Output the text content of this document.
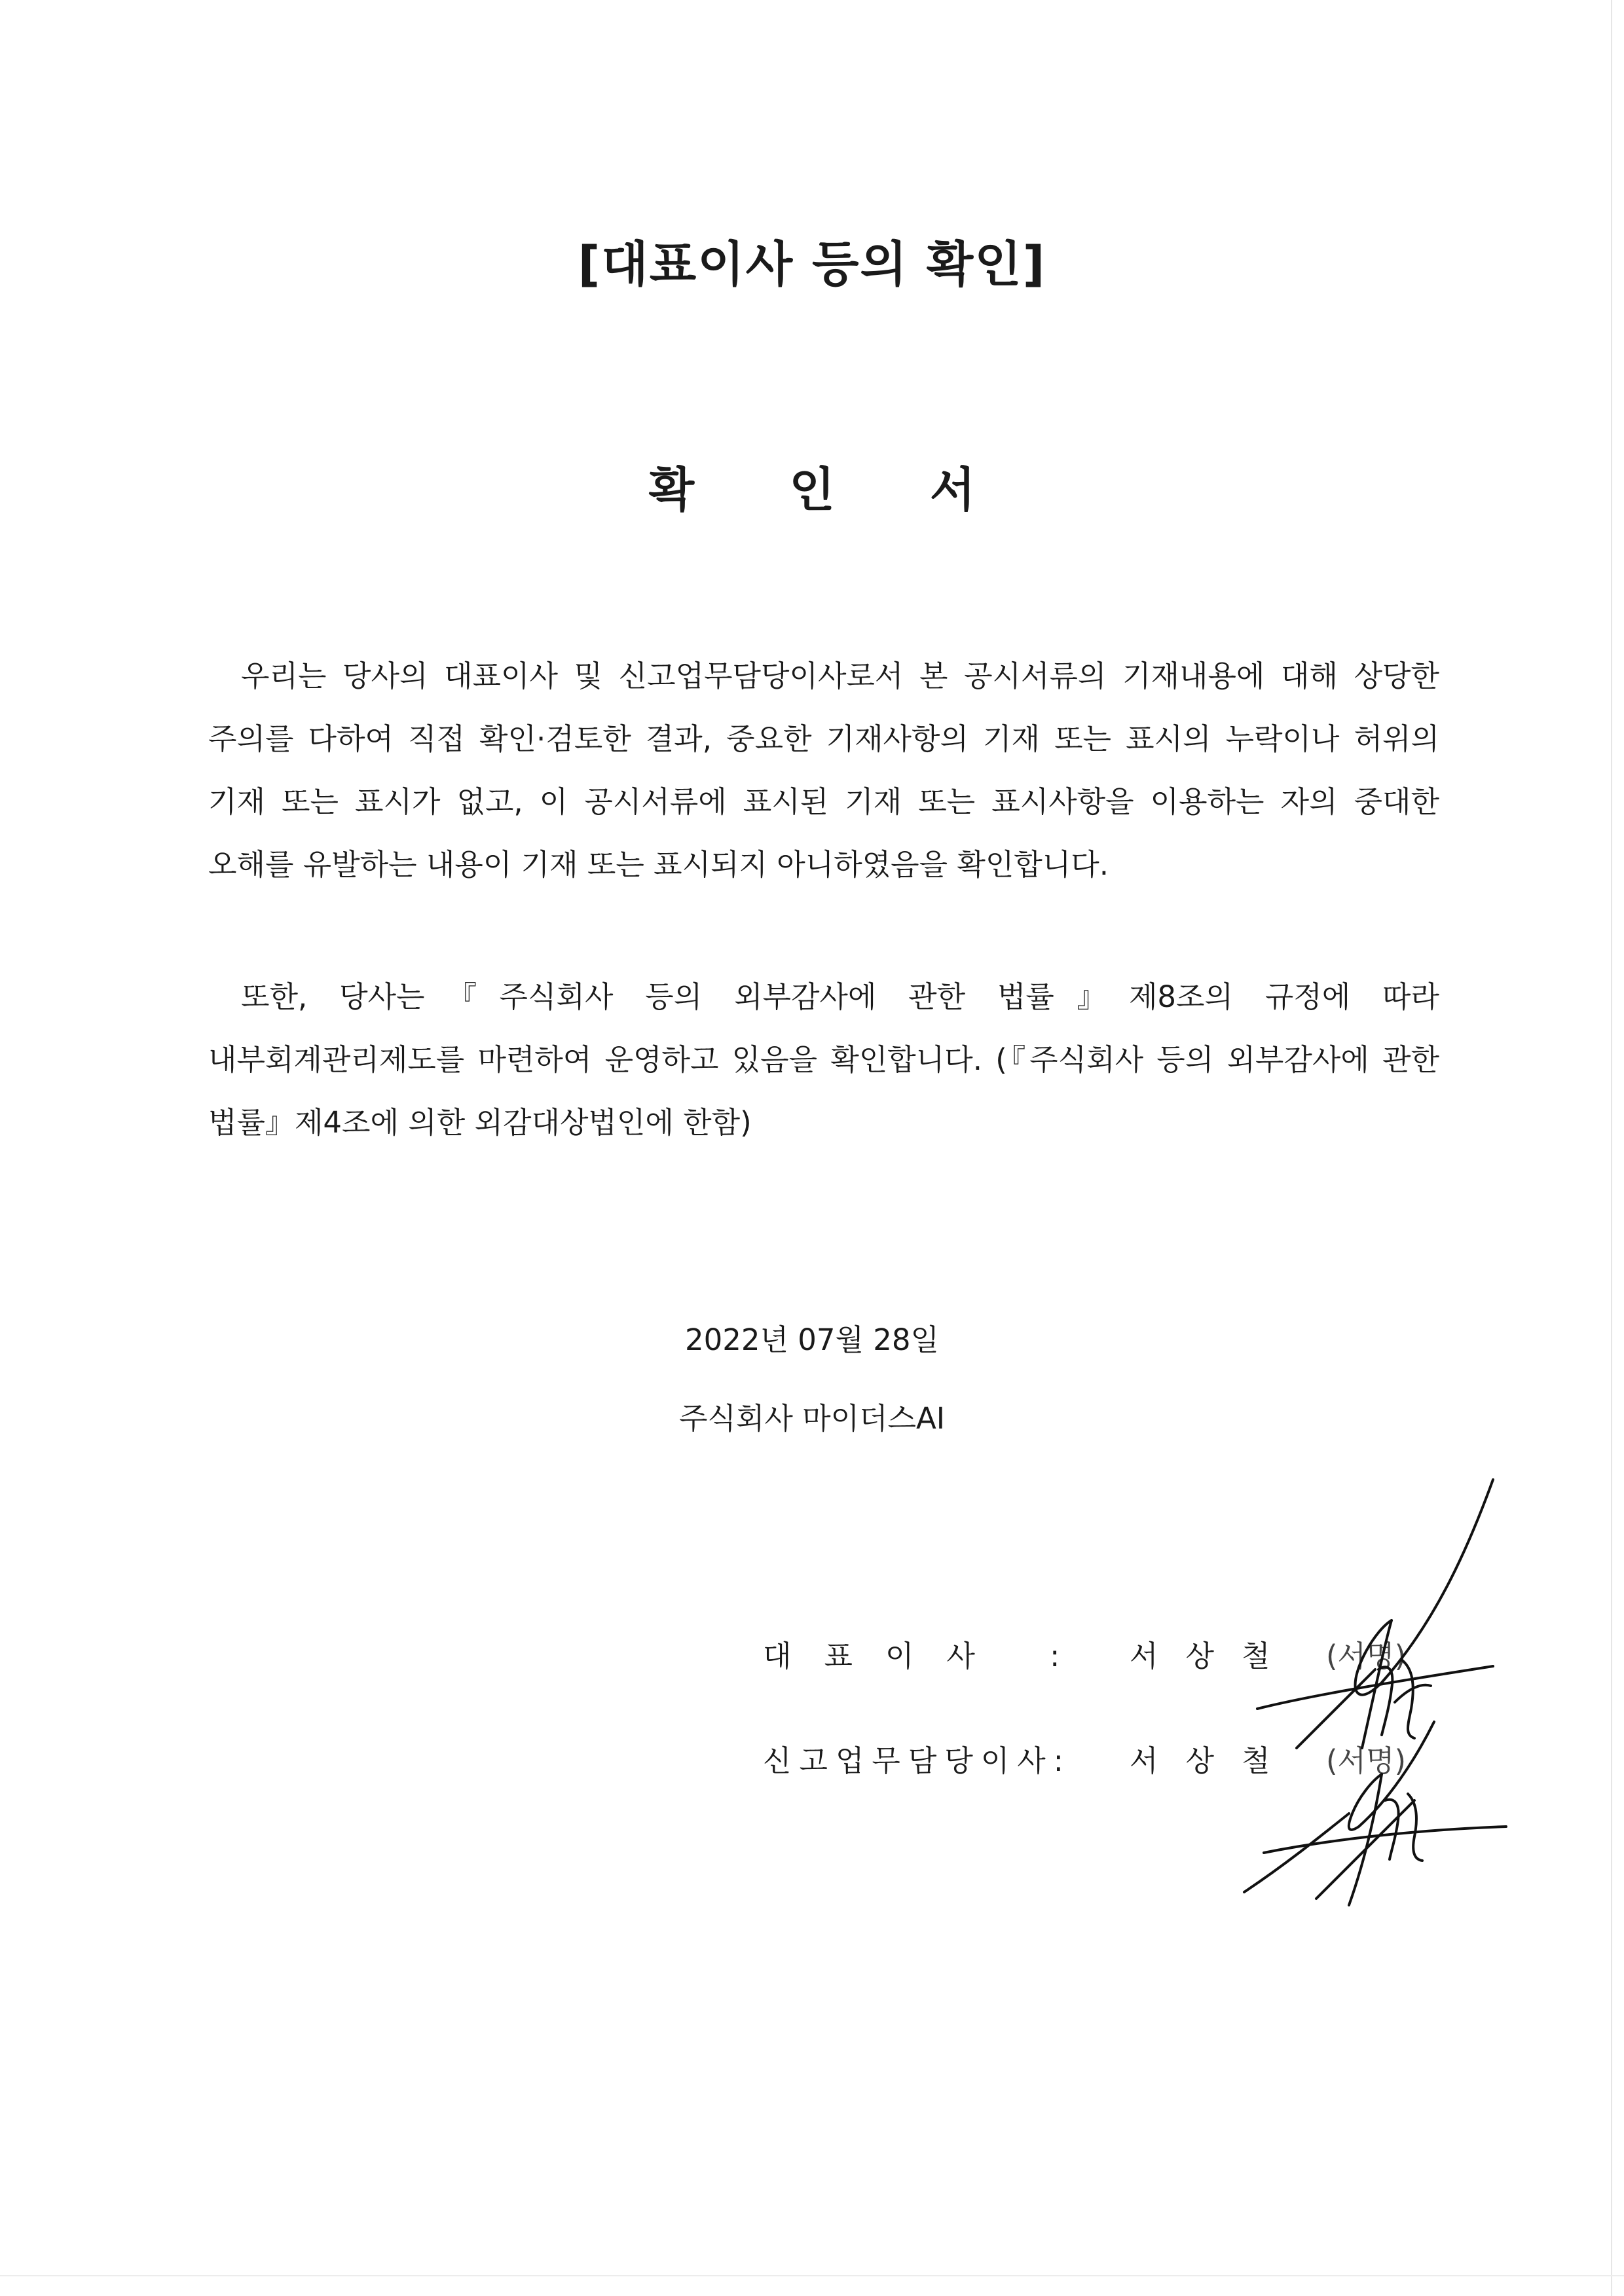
[대표이사 등의 확인]
확 인 서
우리는 당사의 대표이사 및 신고업무담당이사로서 본 공시서류의 기재내용에 대해 상당한 주의를 다하여 직접 확인·검토한 결과, 중요한 기재사항의 기재 또는 표시의 누락이나 허위의 기재 또는 표시가 없고, 이 공시서류에 표시된 기재 또는 표시사항을 이용하는 자의 중대한 오해를 유발하는 내용이 기재 또는 표시되지 아니하였음을 확인합니다.
또한, 당사는『주식회사 등의 외부감사에 관한 법률』제8조의 규정에 따라 내부회계관리제도를 마련하여 운영하고 있음을 확인합니다. (『주식회사 등의 외부감사에 관한 법률』제4조에 의한 외감대상법인에 한함)
2022년 07월 28일
주식회사 마이더스AI
대표이사 : 서상철 (서명)
신고업무담당이사: 서상철 (서명)
